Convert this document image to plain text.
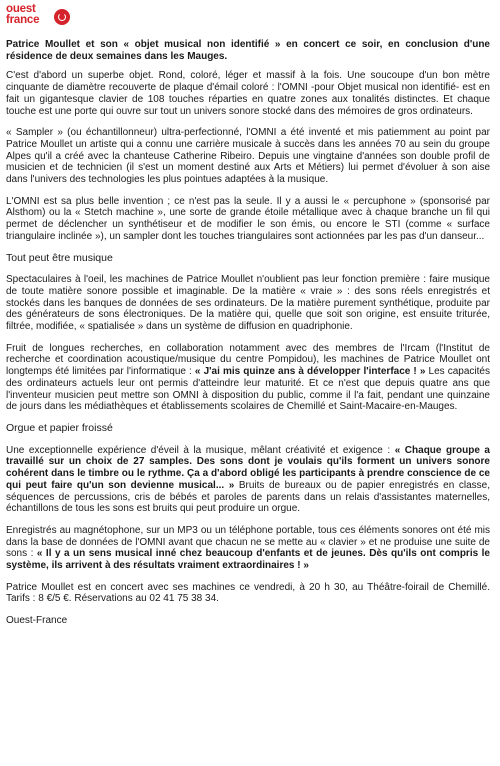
ouest
france

Patrice Moullet et son « objet musical non identifié » en concert ce soir, en conclusion d'une résidence de deux semaines dans les Mauges.

C'est d'abord un superbe objet. Rond, coloré, léger et massif à la fois. Une soucoupe d'un bon mètre cinquante de diamètre recouverte de plaque d'émail coloré : l'OMNI -pour Objet musical non identifié- est en fait un gigantesque clavier de 108 touches réparties en quatre zones aux tonalités distinctes. Et chaque touche est une porte qui ouvre sur tout un univers sonore stocké dans des mémoires de gros ordinateurs.

« Sampler » (ou échantillonneur) ultra-perfectionné, l'OMNI a été inventé et mis patiemment au point par Patrice Moullet un artiste qui a connu une carrière musicale à succès dans les années 70 au sein du groupe Alpes qu'il a créé avec la chanteuse Catherine Ribeiro. Depuis une vingtaine d'années son double profil de musicien et de technicien (il s'est un moment destiné aux Arts et Métiers) lui permet d'évoluer à son aise dans l'univers des technologies les plus pointues adaptées à la musique.

L'OMNI est sa plus belle invention ; ce n'est pas la seule. Il y a aussi le « percuphone » (sponsorisé par Alsthom) ou la « Stetch machine », une sorte de grande étoile métallique avec à chaque branche un fil qui permet de déclencher un synthétiseur et de modifier le son émis, ou encore le STI (comme « surface triangulaire inclinée »), un sampler dont les touches triangulaires sont actionnées par les pas d'un danseur...

Tout peut être musique

Spectaculaires à l'oeil, les machines de Patrice Moullet n'oublient pas leur fonction première : faire musique de toute matière sonore possible et imaginable. De la matière « vraie » : des sons réels enregistrés et stockés dans les banques de données de ses ordinateurs. De la matière purement synthétique, produite par des générateurs de sons électroniques. De la matière qui, quelle que soit son origine, est ensuite triturée, filtrée, modifiée, « spatialisée » dans un système de diffusion en quadriphonie.

Fruit de longues recherches, en collaboration notamment avec des membres de l'Ircam (l'Institut de recherche et coordination acoustique/musique du centre Pompidou), les machines de Patrice Moullet ont longtemps été limitées par l'informatique : « J'ai mis quinze ans à développer l'interface ! » Les capacités des ordinateurs actuels leur ont permis d'atteindre leur maturité. Et ce n'est que depuis quatre ans que l'inventeur musicien peut mettre son OMNI à disposition du public, comme il l'a fait, pendant une quinzaine de jours dans les médiathèques et établissements scolaires de Chemillé et Saint-Macaire-en-Mauges.

Orgue et papier froissé

Une exceptionnelle expérience d'éveil à la musique, mêlant créativité et exigence : « Chaque groupe a travaillé sur un choix de 27 samples. Des sons dont je voulais qu'ils forment un univers sonore cohérent dans le timbre ou le rythme. Ça a d'abord obligé les participants à prendre conscience de ce qui peut faire qu'un son devienne musical... » Bruits de bureaux ou de papier enregistrés en classe, séquences de percussions, cris de bébés et paroles de parents dans un relais d'assistantes maternelles, échantillons de tous les sons est bruits qui peut produire un orgue.

Enregistrés au magnétophone, sur un MP3 ou un téléphone portable, tous ces éléments sonores ont été mis dans la base de données de l'OMNI avant que chacun ne se mette au « clavier » et ne produise une suite de sons : « Il y a un sens musical inné chez beaucoup d'enfants et de jeunes. Dès qu'ils ont compris le système, ils arrivent à des résultats vraiment extraordinaires ! »

Patrice Moullet est en concert avec ses machines ce vendredi, à 20 h 30, au Théâtre-foirail de Chemillé. Tarifs : 8 €/5 €. Réservations au 02 41 75 38 34.

Ouest-France
